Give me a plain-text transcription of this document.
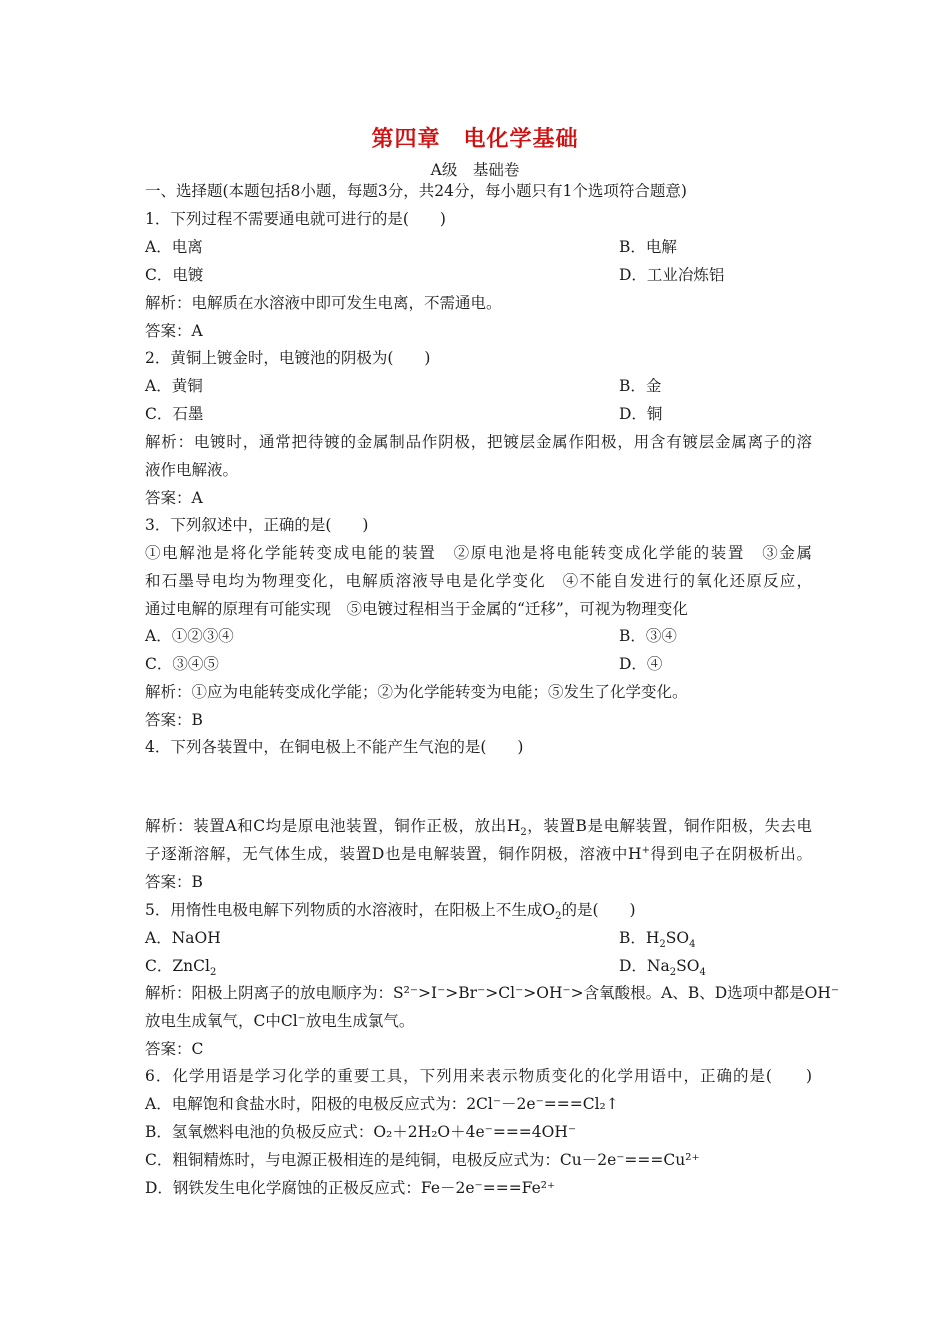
第四章　电化学基础
A级　基础卷
一、选择题(本题包括8小题，每题3分，共24分，每小题只有1个选项符合题意)
1．下列过程不需要通电就可进行的是(　　)
A．电离	B．电解
C．电镀	D．工业冶炼铝
解析：电解质在水溶液中即可发生电离，不需通电。
答案：A
2．黄铜上镀金时，电镀池的阴极为(　　)
A．黄铜	B．金
C．石墨	D．铜
解析：电镀时，通常把待镀的金属制品作阴极，把镀层金属作阳极，用含有镀层金属离子的溶
液作电解液。
答案：A
3．下列叙述中，正确的是(　　)
①电解池是将化学能转变成电能的装置　②原电池是将电能转变成化学能的装置　③金属
和石墨导电均为物理变化，电解质溶液导电是化学变化　④不能自发进行的氧化还原反应，
通过电解的原理有可能实现　⑤电镀过程相当于金属的“迁移”，可视为物理变化
A．①②③④	B．③④
C．③④⑤	D．④
解析：①应为电能转变成化学能；②为化学能转变为电能；⑤发生了化学变化。
答案：B
4．下列各装置中，在铜电极上不能产生气泡的是(　　)
解析：装置A和C均是原电池装置，铜作正极，放出$H_2$，装置B是电解装置，铜作阳极，失去电
子逐渐溶解，无气体生成，装置D也是电解装置，铜作阴极，溶液中H+得到电子在阴极析出。
答案：B
5．用惰性电极电解下列物质的水溶液时，在阳极上不生成$O_2$的是(　　)
A．NaOH	B．$H_2SO_4$
C．ZnCl$_2$	D．$Na_2SO_4$
解析：阳极上阴离子的放电顺序为：S²⁻>I⁻>Br⁻>Cl⁻>OH⁻>含氧酸根。A、B、D选项中都是OH⁻
放电生成氧气，C中Cl⁻放电生成氯气。
答案：C
6．化学用语是学习化学的重要工具，下列用来表示物质变化的化学用语中，正确的是(　　)
A．电解饱和食盐水时，阳极的电极反应式为：2Cl⁻－2e⁻===Cl₂↑
B．氢氧燃料电池的负极反应式：O₂＋2H₂O＋4e⁻===4OH⁻
C．粗铜精炼时，与电源正极相连的是纯铜，电极反应式为：Cu－2e⁻===Cu²⁺
D．钢铁发生电化学腐蚀的正极反应式：Fe－2e⁻===Fe²⁺
